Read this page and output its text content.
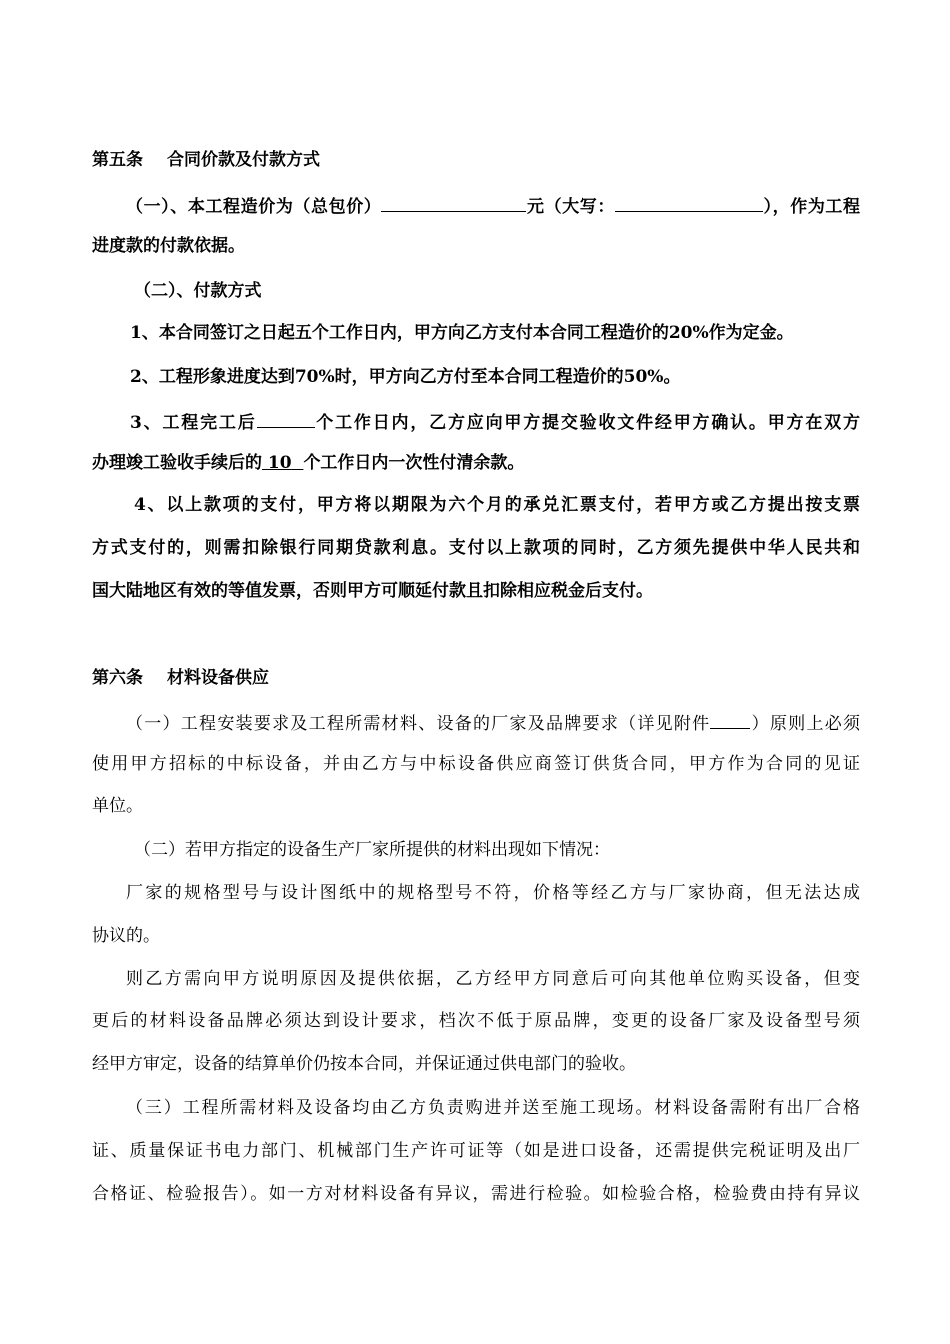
第五条 合同价款及付款方式
（一）、本工程造价为（总包价）	元（大写：	），作为工程
进度款的付款依据。
（二）、付款方式
1、本合同签订之日起五个工作日内，甲方向乙方支付本合同工程造价的20%作为定金。
2、工程形象进度达到70%时，甲方向乙方付至本合同工程造价的50%。
3、工程完工后	个工作日内，乙方应向甲方提交验收文件经甲方确认。甲方在双方
办理竣工验收手续后的 10 个工作日内一次性付清余款。
4、以上款项的支付，甲方将以期限为六个月的承兑汇票支付，若甲方或乙方提出按支票
方式支付的，则需扣除银行同期贷款利息。支付以上款项的同时，乙方须先提供中华人民共和
国大陆地区有效的等值发票，否则甲方可顺延付款且扣除相应税金后支付。
第六条 材料设备供应
（一）工程安装要求及工程所需材料、设备的厂家及品牌要求（详见附件 ）原则上必须
使用甲方招标的中标设备，并由乙方与中标设备供应商签订供货合同，甲方作为合同的见证
单位。
（二）若甲方指定的设备生产厂家所提供的材料出现如下情况：
厂家的规格型号与设计图纸中的规格型号不符，价格等经乙方与厂家协商，但无法达成
协议的。
则乙方需向甲方说明原因及提供依据，乙方经甲方同意后可向其他单位购买设备，但变
更后的材料设备品牌必须达到设计要求，档次不低于原品牌，变更的设备厂家及设备型号须
经甲方审定，设备的结算单价仍按本合同，并保证通过供电部门的验收。
（三）工程所需材料及设备均由乙方负责购进并送至施工现场。材料设备需附有出厂合格
证、质量保证书电力部门、机械部门生产许可证等（如是进口设备，还需提供完税证明及出厂
合格证、检验报告）。如一方对材料设备有异议，需进行检验。如检验合格，检验费由持有异议
